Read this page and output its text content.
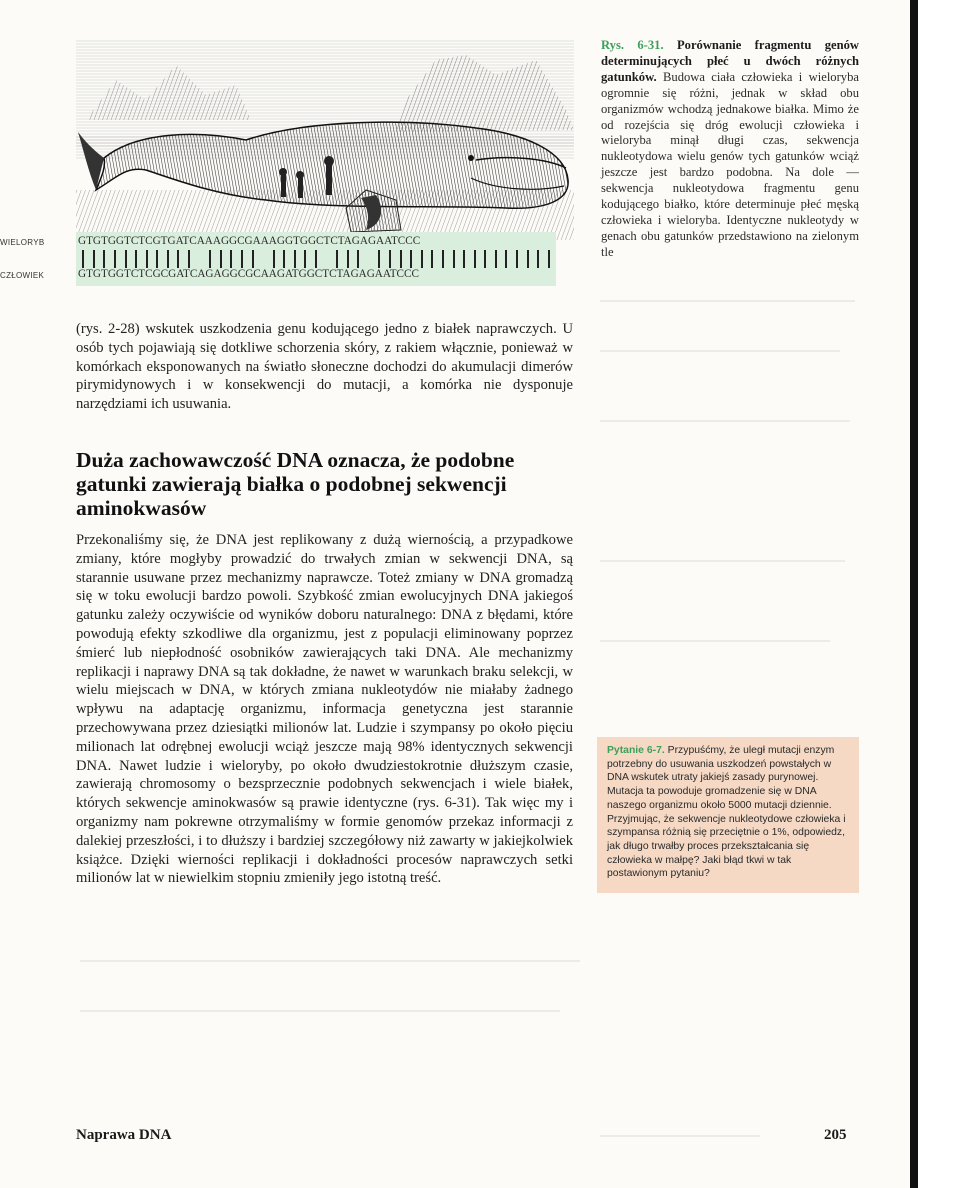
WIELORYB	GTGTGGTCTCGTGATCAAAGGCGAAAGGTGGCTCTAGAGAATCCC
CZŁOWIEK	GTGTGGTCTCGCGATCAGAGGCGCAAGATGGCTCTAGAGAATCCC
Rys. 6-31. Porównanie fragmentu genów determinujących płeć u dwóch różnych gatunków. Budowa ciała człowieka i wieloryba ogromnie się różni, jednak w skład obu organizmów wchodzą jednakowe białka. Mimo że od rozejścia się dróg ewolucji człowieka i wieloryba minął długi czas, sekwencja nukleotydowa wielu genów tych gatunków wciąż jeszcze jest bardzo podobna. Na dole — sekwencja nukleotydowa fragmentu genu kodującego białko, które determinuje płeć męską człowieka i wieloryba. Identyczne nukleotydy w genach obu gatunków przedstawiono na zielonym tle
(rys. 2-28) wskutek uszkodzenia genu kodującego jedno z białek naprawczych. U osób tych pojawiają się dotkliwe schorzenia skóry, z rakiem włącznie, ponieważ w komórkach eksponowanych na światło słoneczne dochodzi do akumulacji dimerów pirymidynowych i w konsekwencji do mutacji, a komórka nie dysponuje narzędziami ich usuwania.
Duża zachowawczość DNA oznacza, że podobne gatunki zawierają białka o podobnej sekwencji aminokwasów
Przekonaliśmy się, że DNA jest replikowany z dużą wiernością, a przypadkowe zmiany, które mogłyby prowadzić do trwałych zmian w sekwencji DNA, są starannie usuwane przez mechanizmy naprawcze. Toteż zmiany w DNA gromadzą się w toku ewolucji bardzo powoli. Szybkość zmian ewolucyjnych DNA jakiegoś gatunku zależy oczywiście od wyników doboru naturalnego: DNA z błędami, które powodują efekty szkodliwe dla organizmu, jest z populacji eliminowany poprzez śmierć lub niepłodność osobników zawierających taki DNA. Ale mechanizmy replikacji i naprawy DNA są tak dokładne, że nawet w warunkach braku selekcji, w wielu miejscach w DNA, w których zmiana nukleotydów nie miałaby żadnego wpływu na adaptację organizmu, informacja genetyczna jest starannie przechowywana przez dziesiątki milionów lat. Ludzie i szympansy po około pięciu milionach lat odrębnej ewolucji wciąż jeszcze mają 98% identycznych sekwencji DNA. Nawet ludzie i wieloryby, po około dwudziestokrotnie dłuższym czasie, zawierają chromosomy o bezsprzecznie podobnych sekwencjach i wiele białek, których sekwencje aminokwasów są prawie identyczne (rys. 6-31). Tak więc my i organizmy nam pokrewne otrzymaliśmy w formie genomów przekaz informacji z dalekiej przeszłości, i to dłuższy i bardziej szczegółowy niż zawarty w jakiejkolwiek książce. Dzięki wierności replikacji i dokładności procesów naprawczych setki milionów lat w niewielkim stopniu zmieniły jego istotną treść.
Pytanie 6-7. Przypuśćmy, że uległ mutacji enzym potrzebny do usuwania uszkodzeń powstałych w DNA wskutek utraty jakiejś zasady purynowej. Mutacja ta powoduje gromadzenie się w DNA naszego organizmu około 5000 mutacji dziennie. Przyjmując, że sekwencje nukleotydowe człowieka i szympansa różnią się przeciętnie o 1%, odpowiedz, jak długo trwałby proces przekształcania się człowieka w małpę? Jaki błąd tkwi w tak postawionym pytaniu?
Naprawa DNA	205
